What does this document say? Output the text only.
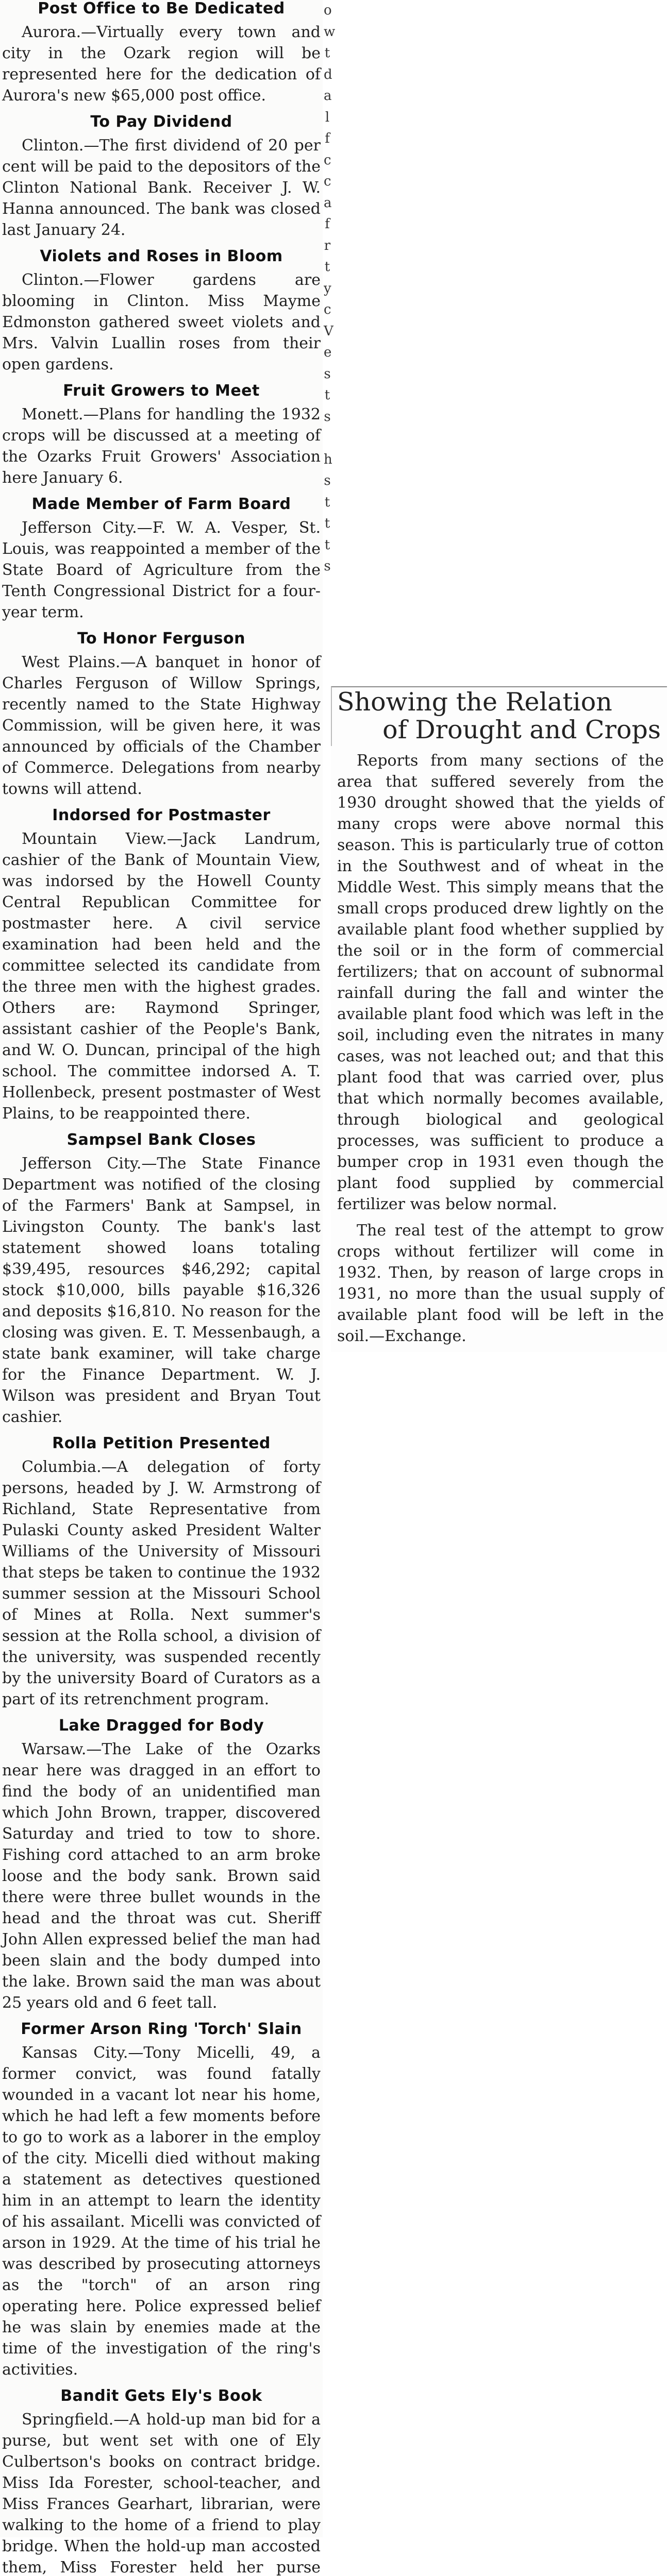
Post Office to Be Dedicated

Aurora.—Virtually every town and city in the Ozark region will be represented here for the dedication of Aurora's new $65,000 post office.

To Pay Dividend

Clinton.—The first dividend of 20 per cent will be paid to the depositors of the Clinton National Bank. Receiver J. W. Hanna announced. The bank was closed last January 24.

Violets and Roses in Bloom

Clinton.—Flower gardens are blooming in Clinton. Miss Mayme Edmonston gathered sweet violets and Mrs. Valvin Luallin roses from their open gardens.

Fruit Growers to Meet

Monett.—Plans for handling the 1932 crops will be discussed at a meeting of the Ozarks Fruit Growers' Association here January 6.

Made Member of Farm Board

Jefferson City.—F. W. A. Vesper, St. Louis, was reappointed a member of the State Board of Agriculture from the Tenth Congressional District for a four-year term.

To Honor Ferguson

West Plains.—A banquet in honor of Charles Ferguson of Willow Springs, recently named to the State Highway Commission, will be given here, it was announced by officials of the Chamber of Commerce. Delegations from nearby towns will attend.

Indorsed for Postmaster

Mountain View.—Jack Landrum, cashier of the Bank of Mountain View, was indorsed by the Howell County Central Republican Committee for postmaster here. A civil service examination had been held and the committee selected its candidate from the three men with the highest grades. Others are: Raymond Springer, assistant cashier of the People's Bank, and W. O. Duncan, principal of the high school. The committee indorsed A. T. Hollenbeck, present postmaster of West Plains, to be reappointed there.

Sampsel Bank Closes

Jefferson City.—The State Finance Department was notified of the closing of the Farmers' Bank at Sampsel, in Livingston County. The bank's last statement showed loans totaling $39,495, resources $46,292; capital stock $10,000, bills payable $16,326 and deposits $16,810. No reason for the closing was given. E. T. Messenbaugh, a state bank examiner, will take charge for the Finance Department. W. J. Wilson was president and Bryan Tout cashier.

Rolla Petition Presented

Columbia.—A delegation of forty persons, headed by J. W. Armstrong of Richland, State Representative from Pulaski County asked President Walter Williams of the University of Missouri that steps be taken to continue the 1932 summer session at the Missouri School of Mines at Rolla. Next summer's session at the Rolla school, a division of the university, was suspended recently by the university Board of Curators as a part of its retrenchment program.

Lake Dragged for Body

Warsaw.—The Lake of the Ozarks near here was dragged in an effort to find the body of an unidentified man which John Brown, trapper, discovered Saturday and tried to tow to shore. Fishing cord attached to an arm broke loose and the body sank. Brown said there were three bullet wounds in the head and the throat was cut. Sheriff John Allen expressed belief the man had been slain and the body dumped into the lake. Brown said the man was about 25 years old and 6 feet tall.

Former Arson Ring 'Torch' Slain

Kansas City.—Tony Micelli, 49, a former convict, was found fatally wounded in a vacant lot near his home, which he had left a few moments before to go to work as a laborer in the employ of the city. Micelli died without making a statement as detectives questioned him in an attempt to learn the identity of his assailant. Micelli was convicted of arson in 1929. At the time of his trial he was described by prosecuting attorneys as the "torch" of an arson ring operating here. Police expressed belief he was slain by enemies made at the time of the investigation of the ring's activities.

Bandit Gets Ely's Book

Springfield.—A hold-up man bid for a purse, but went set with one of Ely Culbertson's books on contract bridge. Miss Ida Forester, school-teacher, and Miss Frances Gearhart, librarian, were walking to the home of a friend to play bridge. When the hold-up man accosted them, Miss Forester held her purse

o
w
t
d
a
l
f
c
c
a
f
r
t
y
c
V
e
s
t
s

h
s
t
t
t
s
Showing the Relation
of Drought and Crops

Reports from many sections of the area that suffered severely from the 1930 drought showed that the yields of many crops were above normal this season. This is particularly true of cotton in the Southwest and of wheat in the Middle West. This simply means that the small crops produced drew lightly on the available plant food whether supplied by the soil or in the form of commercial fertilizers; that on account of subnormal rainfall during the fall and winter the available plant food which was left in the soil, including even the nitrates in many cases, was not leached out; and that this plant food that was carried over, plus that which normally becomes available, through biological and geological processes, was sufficient to produce a bumper crop in 1931 even though the plant food supplied by commercial fertilizer was below normal.

The real test of the attempt to grow crops without fertilizer will come in 1932. Then, by reason of large crops in 1931, no more than the usual supply of available plant food will be left in the soil.—Exchange.
